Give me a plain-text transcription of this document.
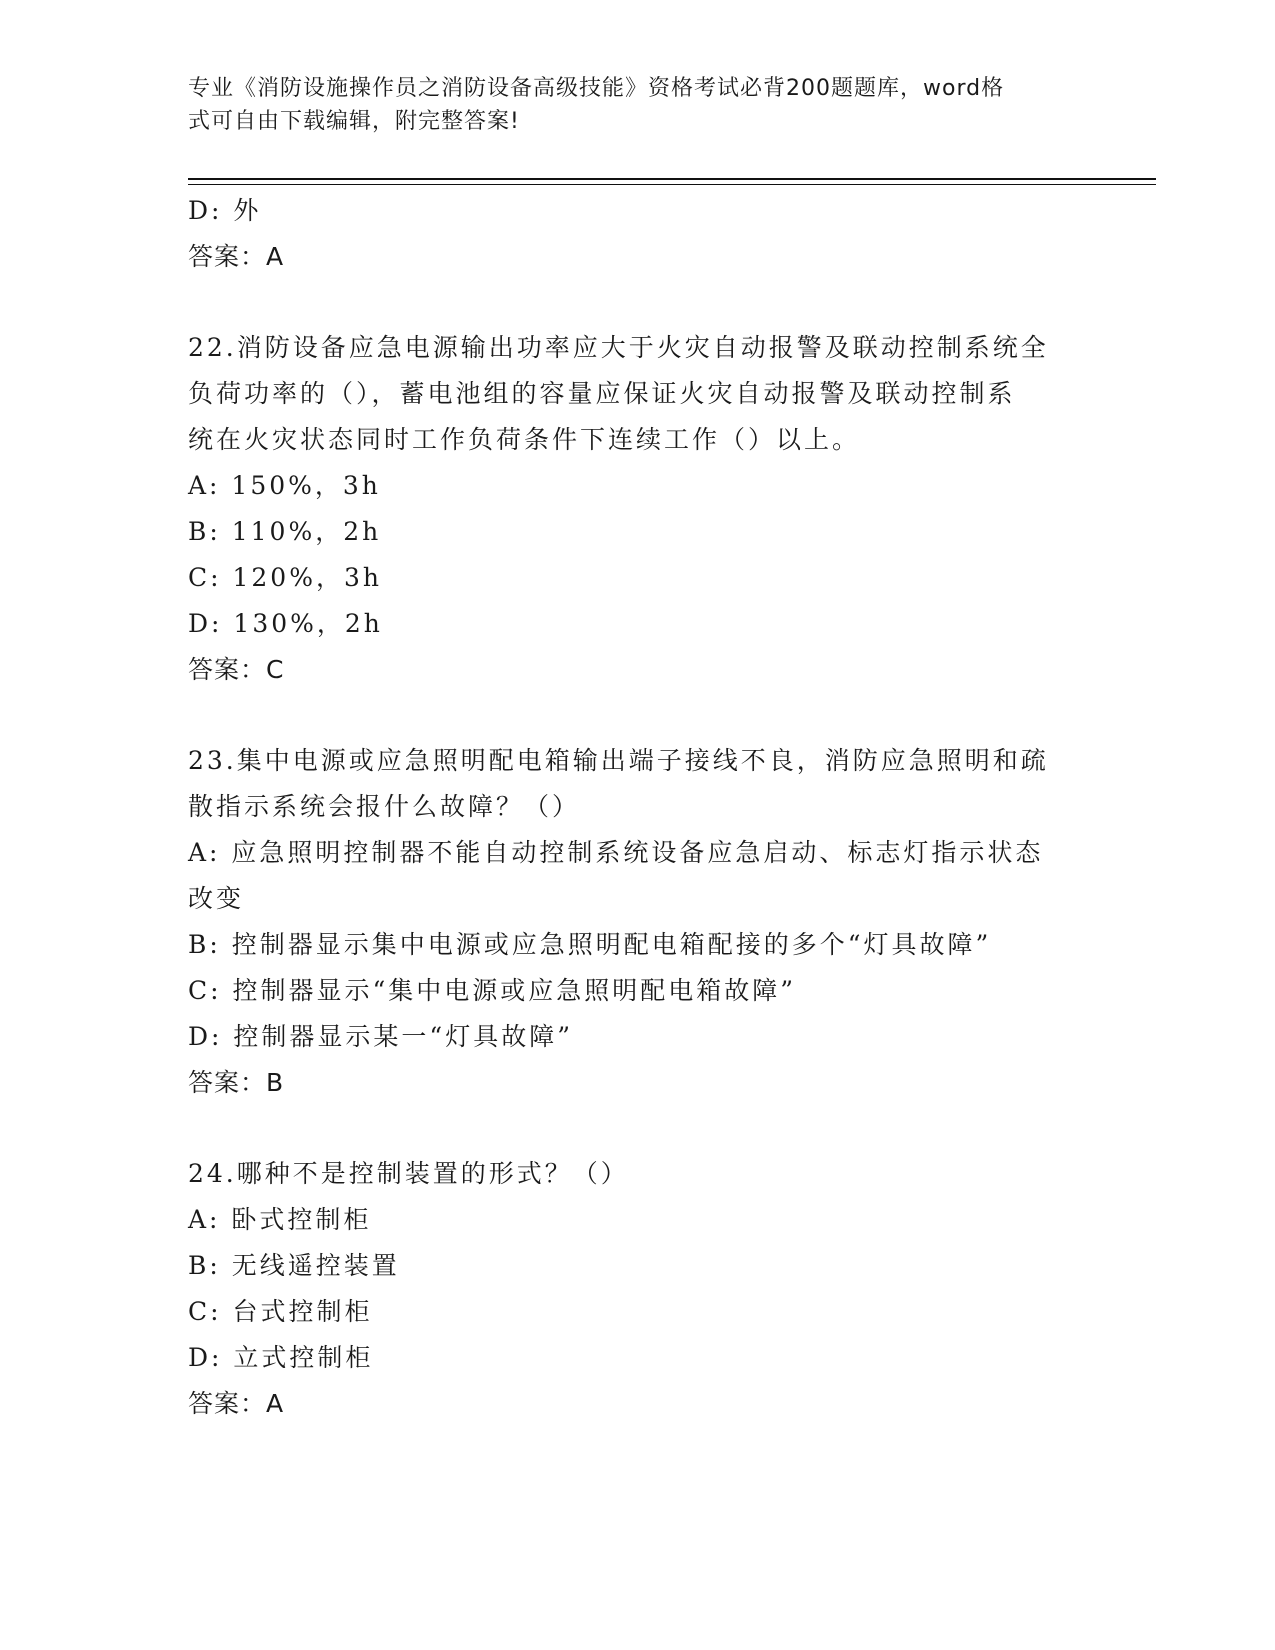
专业《消防设施操作员之消防设备高级技能》资格考试必背200题题库，word格
式可自由下载编辑，附完整答案!
D: 外
答案：A
22.消防设备应急电源输出功率应大于火灾自动报警及联动控制系统全
负荷功率的（），蓄电池组的容量应保证火灾自动报警及联动控制系
统在火灾状态同时工作负荷条件下连续工作（）以上。
A: 150%，3h
B: 110%，2h
C: 120%，3h
D: 130%，2h
答案：C
23.集中电源或应急照明配电箱输出端子接线不良，消防应急照明和疏
散指示系统会报什么故障？（）
A: 应急照明控制器不能自动控制系统设备应急启动、标志灯指示状态
改变
B: 控制器显示集中电源或应急照明配电箱配接的多个“灯具故障”
C: 控制器显示“集中电源或应急照明配电箱故障”
D: 控制器显示某一“灯具故障”
答案：B
24.哪种不是控制装置的形式？（）
A: 卧式控制柜
B: 无线遥控装置
C: 台式控制柜
D: 立式控制柜
答案：A
